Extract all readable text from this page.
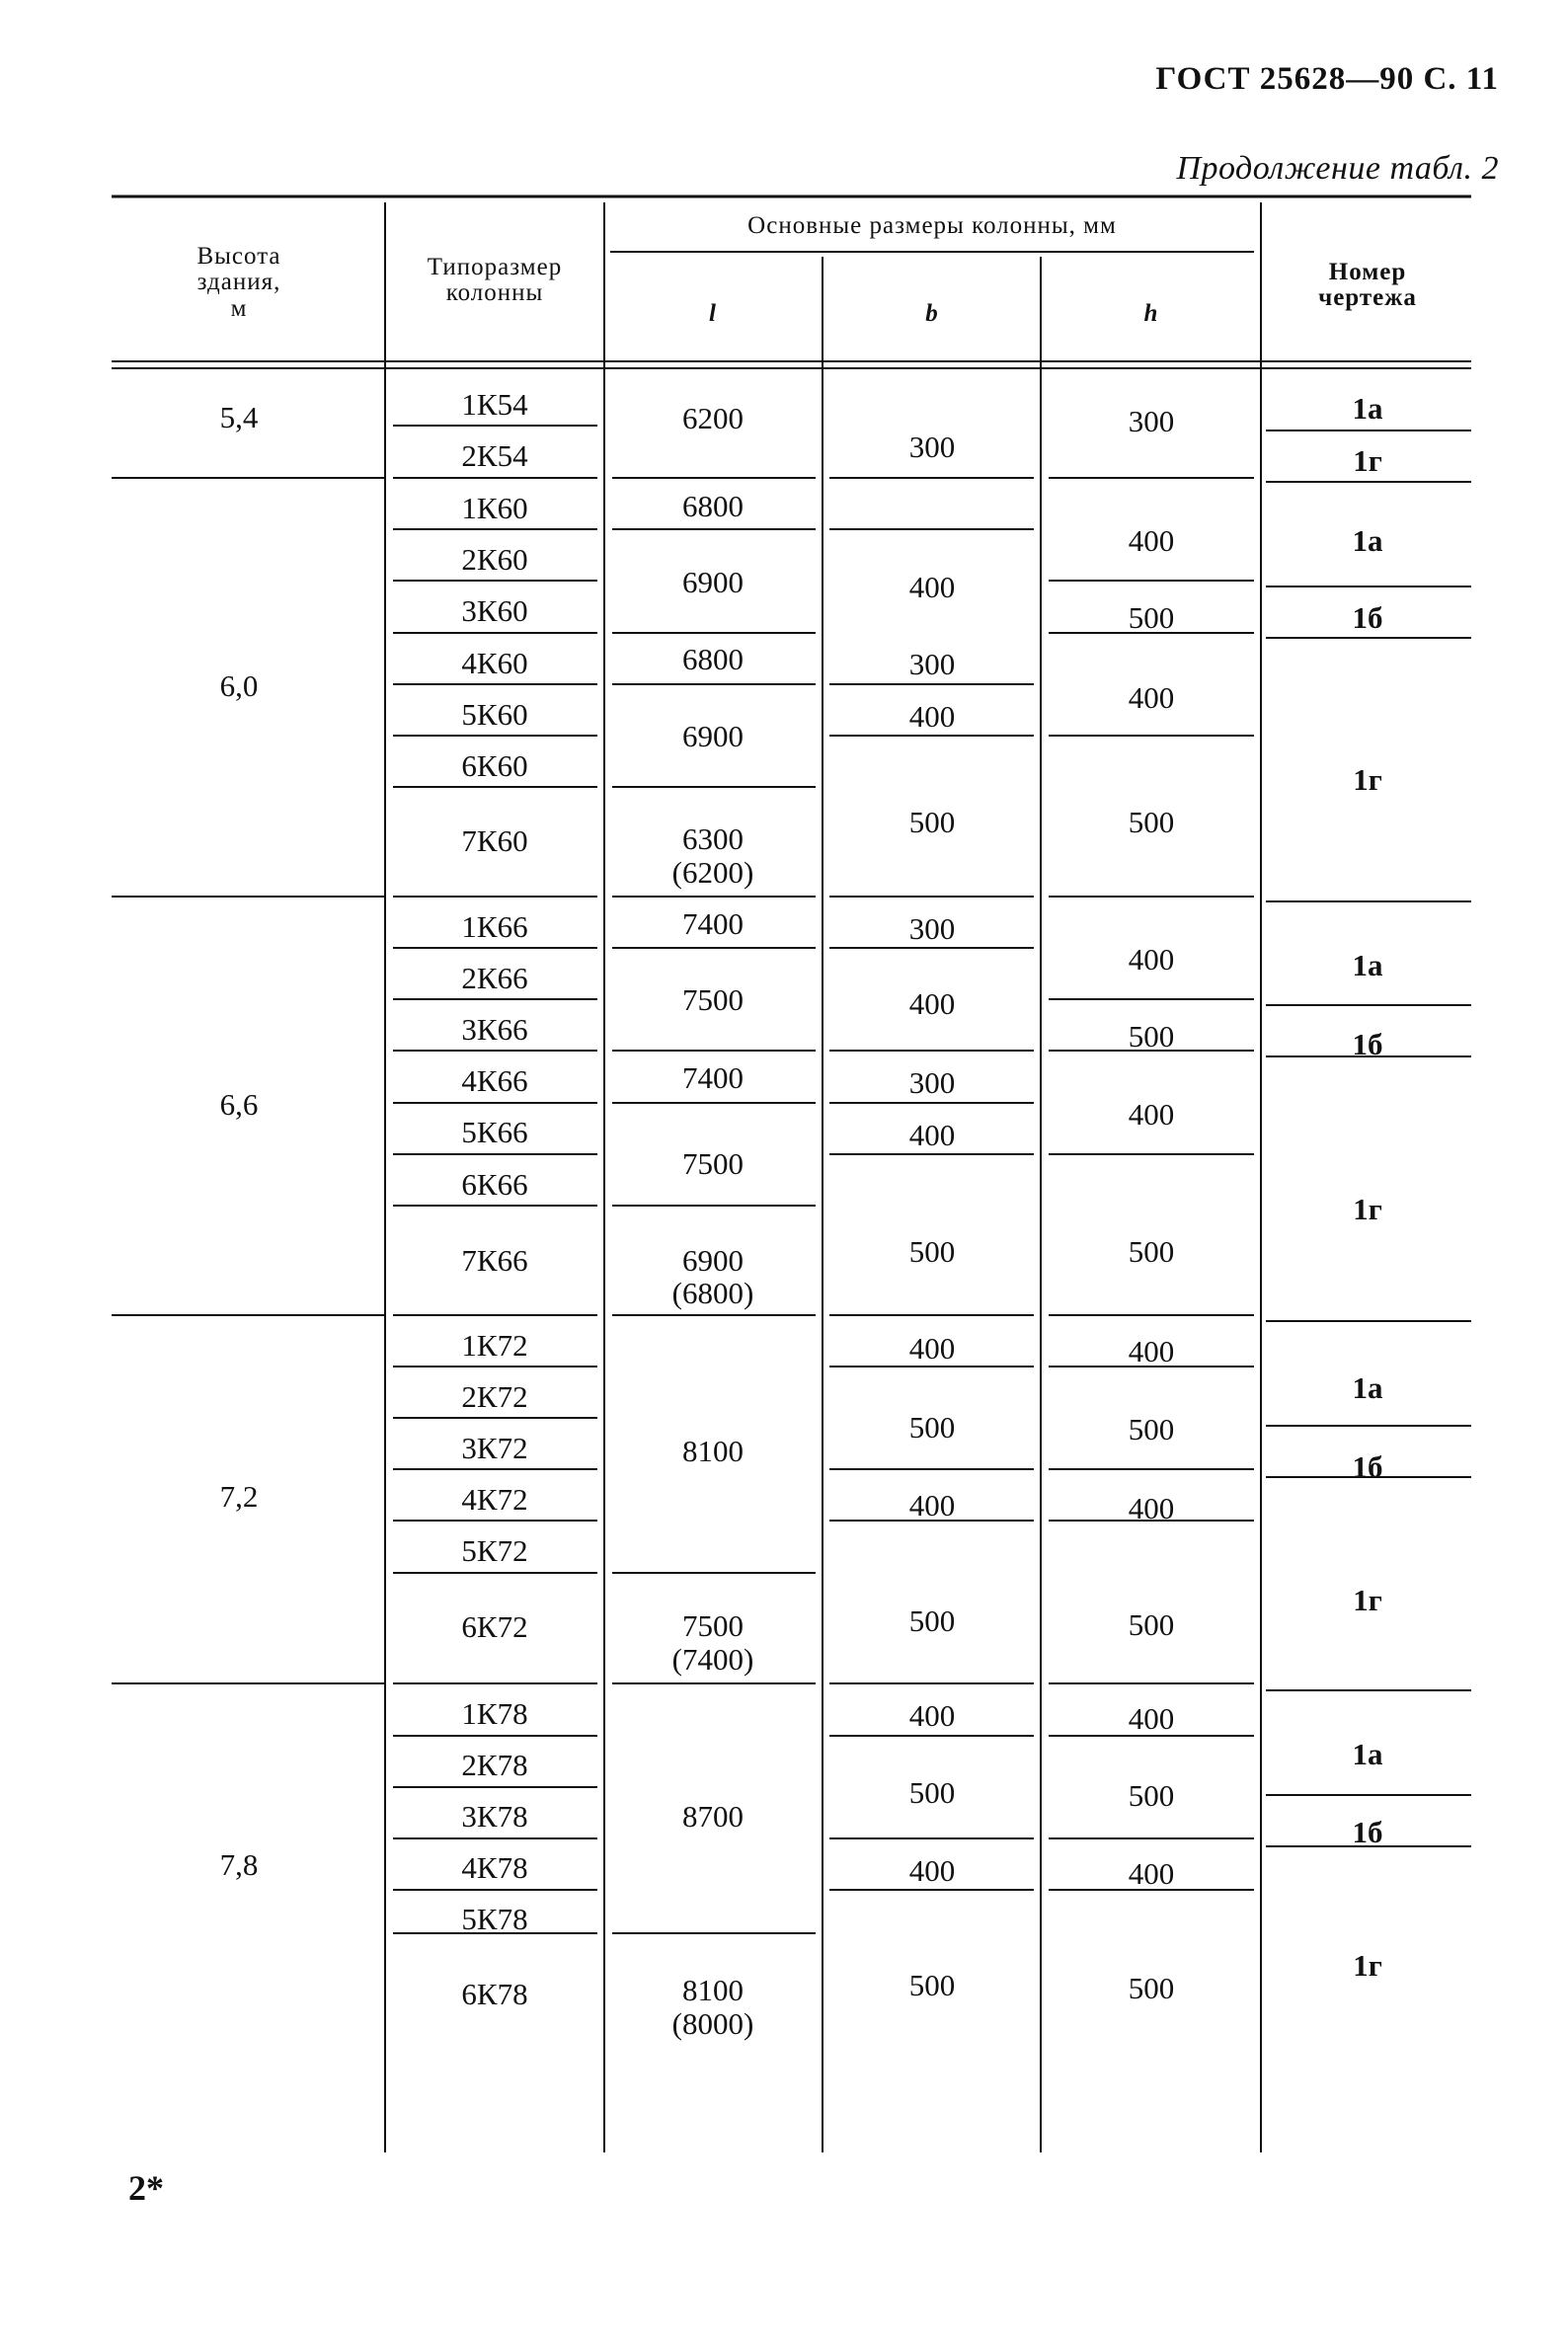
ГОСТ 25628—90 С. 11
Продолжение табл. 2
Высота
здания,
м
Типоразмер
колонны
Основные размеры колонны, мм
l	b	h
Номер
чертежа
5,4
6,0
6,6
7,2
7,8
1К54
2К54
1К60
2К60
3К60
4К60
5К60
6К60
7К60
1К66
2К66
3К66
4К66
5К66
6К66
7К66
1К72
2К72
3К72
4К72
5К72
6К72
1К78
2К78
3К78
4К78
5К78
6К78
6200
6800
6900
6800
6900
6300
(6200)
7400
7500
7400
7500
6900
(6800)
8100
7500
(7400)
8700
8100
(8000)
300
400
300
400
500
300
400
300
400
500
400
500
400
500
400
500
400
500
300
400
500
400
500
400
500
400
500
400
500
400
500
400
500
400
500
1а
1г
1а
1б
1г
1а
1б
1г
1а
1б
1г
1а
1б
1г
2*
